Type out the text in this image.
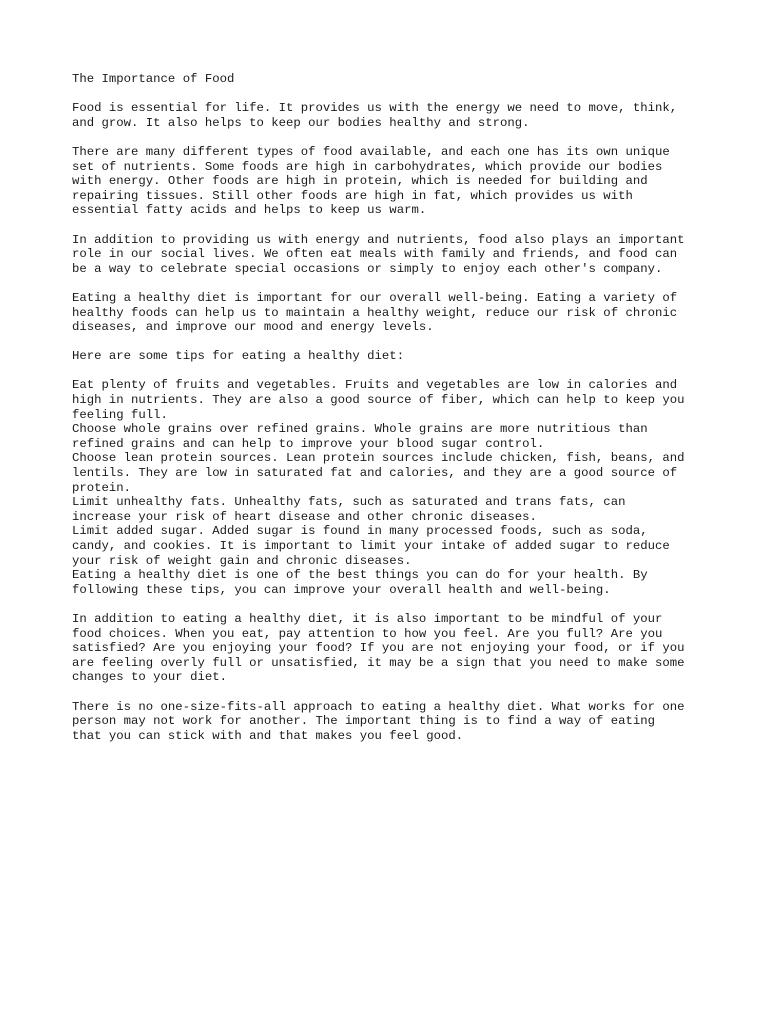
The Importance of Food
Food is essential for life. It provides us with the energy we need to move, think,
and grow. It also helps to keep our bodies healthy and strong.
There are many different types of food available, and each one has its own unique
set of nutrients. Some foods are high in carbohydrates, which provide our bodies
with energy. Other foods are high in protein, which is needed for building and
repairing tissues. Still other foods are high in fat, which provides us with
essential fatty acids and helps to keep us warm.
In addition to providing us with energy and nutrients, food also plays an important
role in our social lives. We often eat meals with family and friends, and food can
be a way to celebrate special occasions or simply to enjoy each other's company.
Eating a healthy diet is important for our overall well-being. Eating a variety of
healthy foods can help us to maintain a healthy weight, reduce our risk of chronic
diseases, and improve our mood and energy levels.
Here are some tips for eating a healthy diet:
Eat plenty of fruits and vegetables. Fruits and vegetables are low in calories and
high in nutrients. They are also a good source of fiber, which can help to keep you
feeling full.
Choose whole grains over refined grains. Whole grains are more nutritious than
refined grains and can help to improve your blood sugar control.
Choose lean protein sources. Lean protein sources include chicken, fish, beans, and
lentils. They are low in saturated fat and calories, and they are a good source of
protein.
Limit unhealthy fats. Unhealthy fats, such as saturated and trans fats, can
increase your risk of heart disease and other chronic diseases.
Limit added sugar. Added sugar is found in many processed foods, such as soda,
candy, and cookies. It is important to limit your intake of added sugar to reduce
your risk of weight gain and chronic diseases.
Eating a healthy diet is one of the best things you can do for your health. By
following these tips, you can improve your overall health and well-being.
In addition to eating a healthy diet, it is also important to be mindful of your
food choices. When you eat, pay attention to how you feel. Are you full? Are you
satisfied? Are you enjoying your food? If you are not enjoying your food, or if you
are feeling overly full or unsatisfied, it may be a sign that you need to make some
changes to your diet.
There is no one-size-fits-all approach to eating a healthy diet. What works for one
person may not work for another. The important thing is to find a way of eating
that you can stick with and that makes you feel good.
